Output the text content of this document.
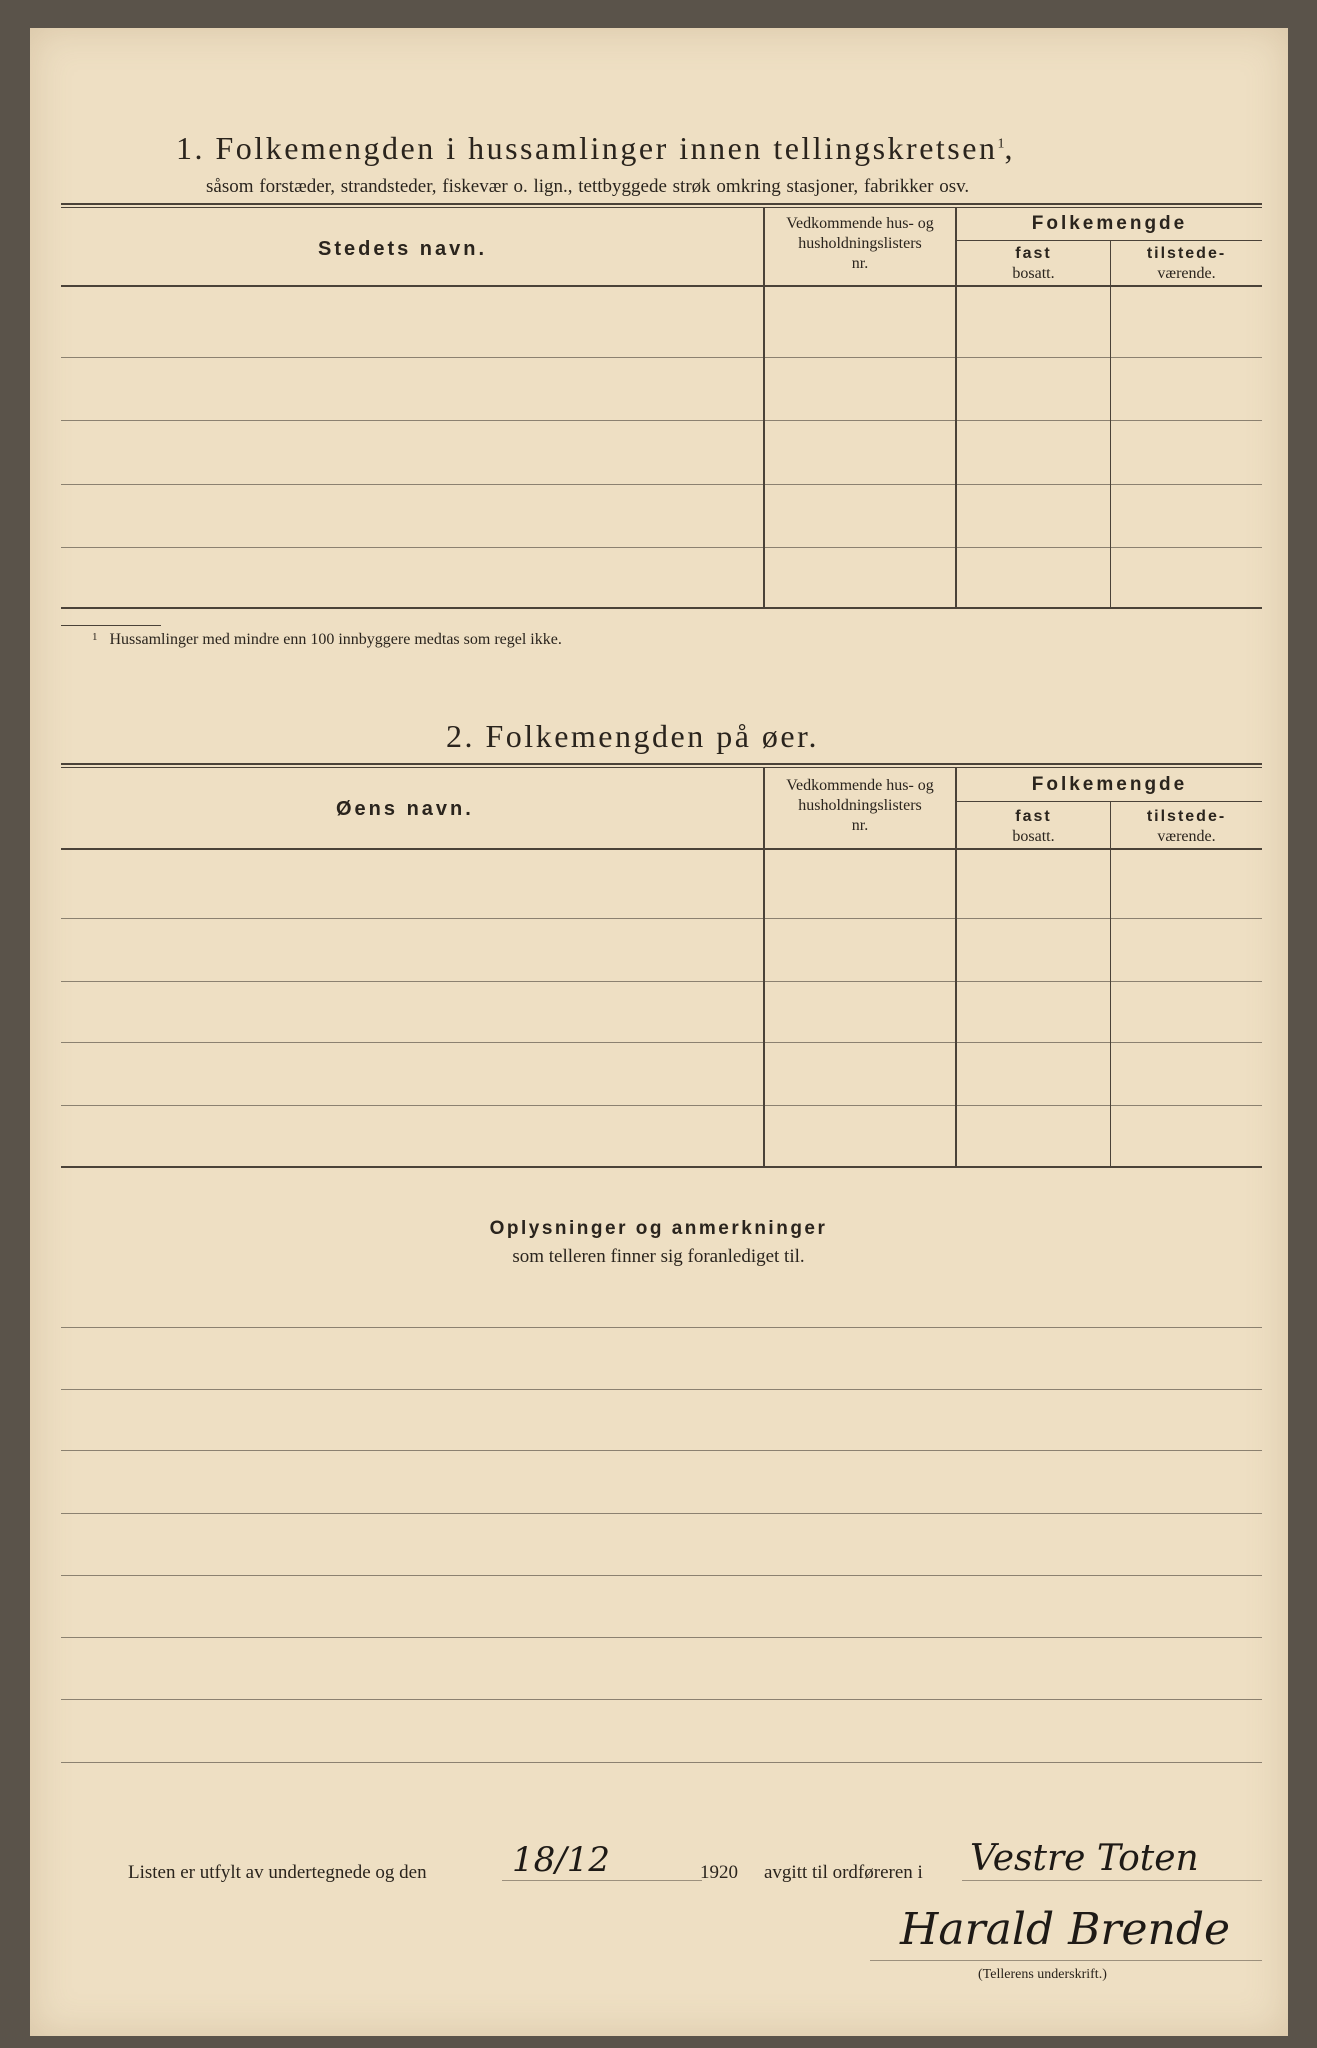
1. Folkemengden i hussamlinger innen tellingskretsen$^1$,
såsom forstæder, strandsteder, fiskevær o. lign., tettbyggede strøk omkring stasjoner, fabrikker osv.
Stedets navn.
Vedkommende hus- og
husholdningslisters
nr.
Folkemengde
fast
bosatt.
tilstede-
værende.
$^1$ Hussamlinger med mindre enn 100 innbyggere medtas som regel ikke.
2. Folkemengden på øer.
Øens navn.
Vedkommende hus- og
husholdningslisters
nr.
Folkemengde
fast
bosatt.
tilstede-
værende.
Oplysninger og anmerkninger
som telleren finner sig foranlediget til.
Listen er utfylt av undertegnede og den	18/12	1920 avgitt til ordføreren i Vestre Toten
Harald Brende
(Tellerens underskrift.)
